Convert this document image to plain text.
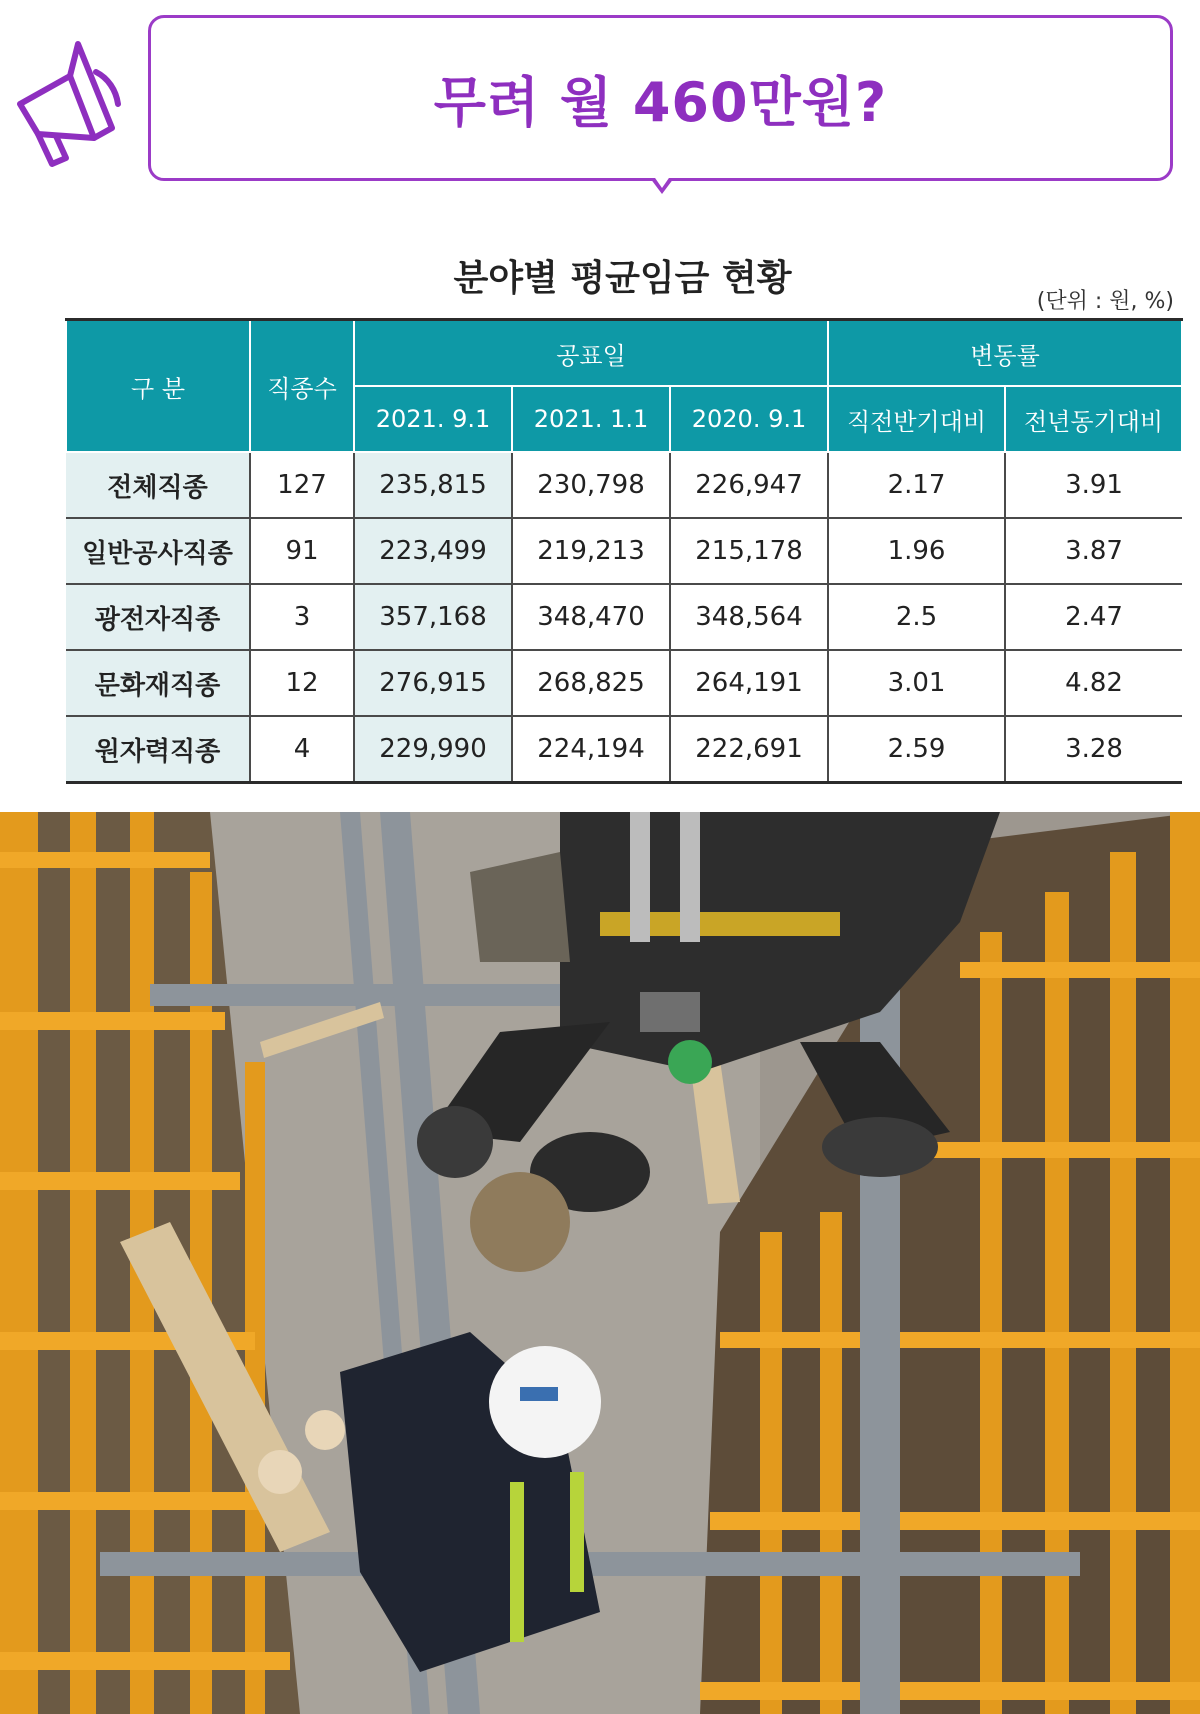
무려 월 460만원?
분야별 평균임금 현황
(단위 : 원, %)
구 분	직종수	공표일			변동률	
		2021. 9.1	2021. 1.1	2020. 9.1	직전반기대비	전년동기대비
전체직종	127	235,815	230,798	226,947	2.17	3.91
일반공사직종	91	223,499	219,213	215,178	1.96	3.87
광전자직종	3	357,168	348,470	348,564	2.5	2.47
문화재직종	12	276,915	268,825	264,191	3.01	4.82
원자력직종	4	229,990	224,194	222,691	2.59	3.28
